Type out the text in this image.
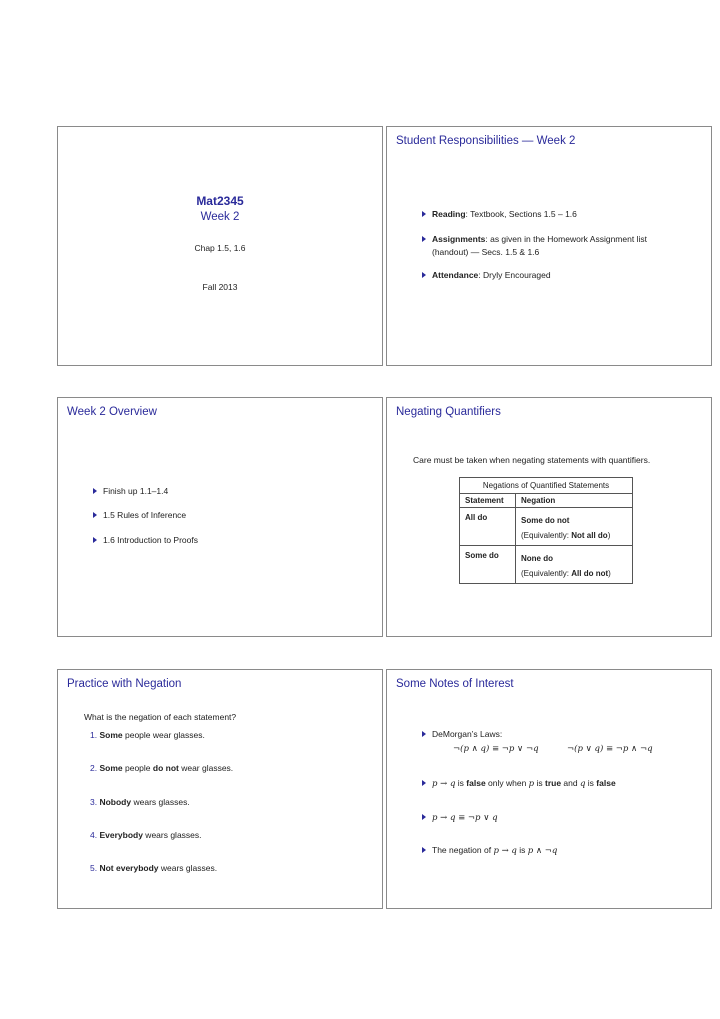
Mat2345
Week 2
Chap 1.5, 1.6
Fall 2013
Student Responsibilities — Week 2
Reading: Textbook, Sections 1.5 – 1.6
Assignments: as given in the Homework Assignment list
(handout) — Secs. 1.5 & 1.6
Attendance: Dryly Encouraged
Week 2 Overview
Finish up 1.1–1.4
1.5 Rules of Inference
1.6 Introduction to Proofs
Negating Quantifiers
Care must be taken when negating statements with quantifiers.
Negations of Quantified Statements
Statement	Negation
All do	Some do not
(Equivalently: Not all do)
Some do	None do
(Equivalently: All do not)
Practice with Negation
What is the negation of each statement?
1. Some people wear glasses.
2. Some people do not wear glasses.
3. Nobody wears glasses.
4. Everybody wears glasses.
5. Not everybody wears glasses.
Some Notes of Interest
DeMorgan’s Laws:
¬(p ∧ q) ≡ ¬p ∨ ¬q	¬(p ∨ q) ≡ ¬p ∧ ¬q
p → q is false only when p is true and q is false
p → q ≡ ¬p ∨ q
The negation of p → q is p ∧ ¬q
